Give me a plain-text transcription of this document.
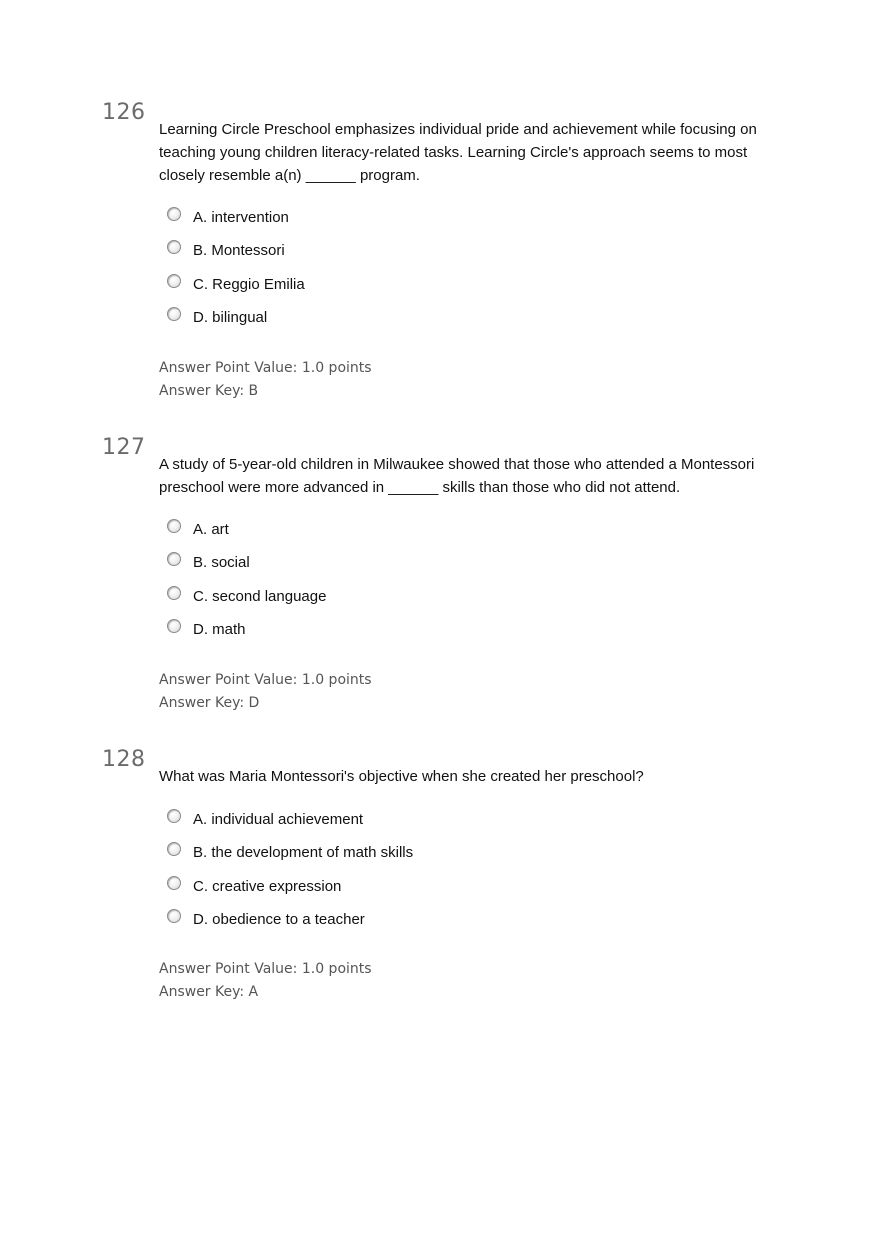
126

Learning Circle Preschool emphasizes individual pride and achievement while focusing on teaching young children literacy-related tasks. Learning Circle's approach seems to most closely resemble a(n) ______ program.

A. intervention
B. Montessori
C. Reggio Emilia
D. bilingual
Answer Point Value: 1.0 points
Answer Key: B
127

A study of 5-year-old children in Milwaukee showed that those who attended a Montessori preschool were more advanced in ______ skills than those who did not attend.

A. art
B. social
C. second language
D. math
Answer Point Value: 1.0 points
Answer Key: D
128

What was Maria Montessori's objective when she created her preschool?

A. individual achievement
B. the development of math skills
C. creative expression
D. obedience to a teacher
Answer Point Value: 1.0 points
Answer Key: A
